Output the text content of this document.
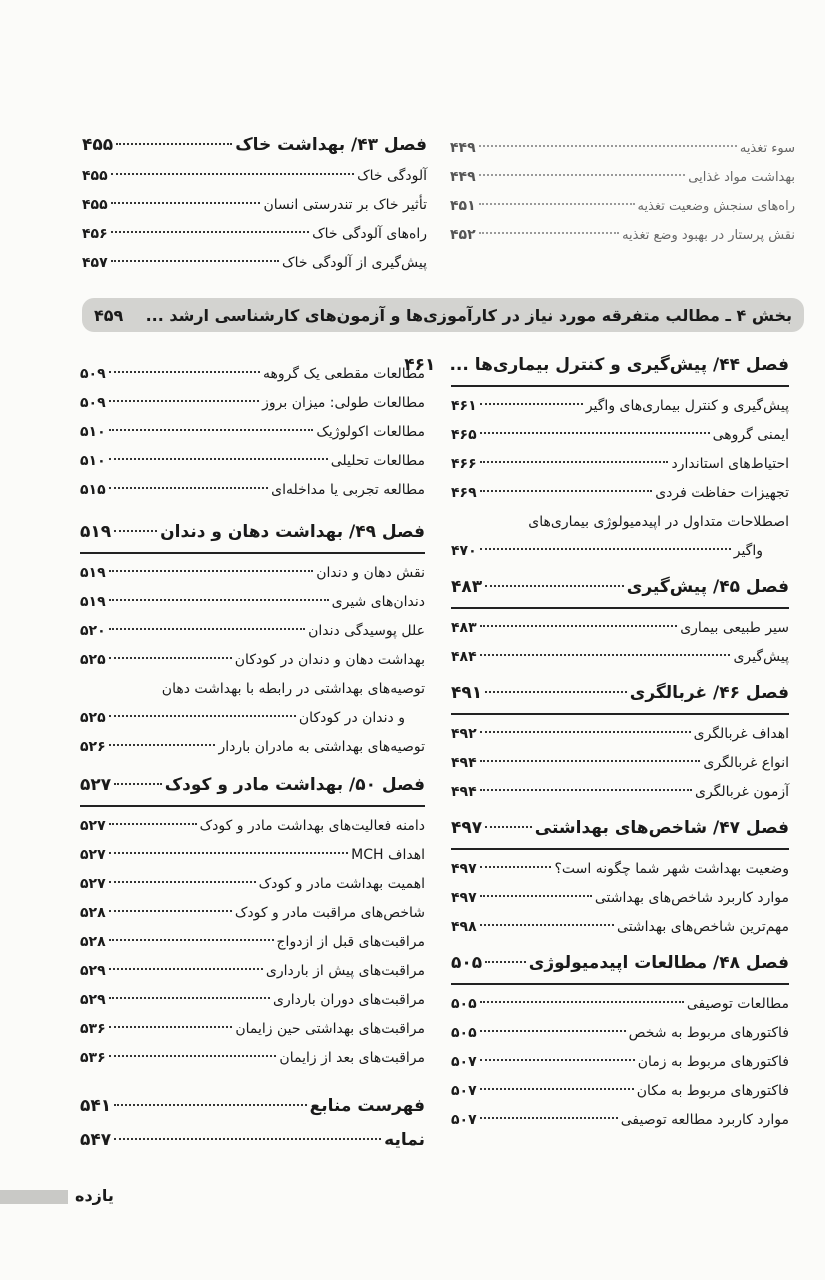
سوء تغذیه
۴۴۹
بهداشت مواد غذایی
۴۴۹
راه‌های سنجش وضعیت تغذیه
۴۵۱
نقش پرستار در بهبود وضع تغذیه
۴۵۲
فصل ۴۳/ بهداشت خاک
۴۵۵
آلودگی خاک
۴۵۵
تأثیر خاک بر تندرستی انسان
۴۵۵
راه‌های آلودگی خاک
۴۵۶
پیش‌گیری از آلودگی خاک
۴۵۷
بخش ۴ ـ مطالب متفرقه مورد نیاز در کارآموزی‌ها و آزمون‌های کارشناسی ارشد ...
۴۵۹
فصل ۴۴/ پیش‌گیری و کنترل بیماری‌ها ...
۴۶۱
پیش‌گیری و کنترل بیماری‌های واگیر
۴۶۱
ایمنی گروهی
۴۶۵
احتیاط‌های استاندارد
۴۶۶
تجهیزات حفاظت فردی
۴۶۹
اصطلاحات متداول در اپیدمیولوژی بیماری‌های
واگیر
۴۷۰
فصل ۴۵/ پیش‌گیری
۴۸۳
سیر طبیعی بیماری
۴۸۳
پیش‌گیری
۴۸۴
فصل ۴۶/ غربالگری
۴۹۱
اهداف غربالگری
۴۹۲
انواع غربالگری
۴۹۴
آزمون غربالگری
۴۹۴
فصل ۴۷/ شاخص‌های بهداشتی
۴۹۷
وضعیت بهداشت شهر شما چگونه است؟
۴۹۷
موارد کاربرد شاخص‌های بهداشتی
۴۹۷
مهم‌ترین شاخص‌های بهداشتی
۴۹۸
فصل ۴۸/ مطالعات اپیدمیولوژی
۵۰۵
مطالعات توصیفی
۵۰۵
فاکتورهای مربوط به شخص
۵۰۵
فاکتورهای مربوط به زمان
۵۰۷
فاکتورهای مربوط به مکان
۵۰۷
موارد کاربرد مطالعه توصیفی
۵۰۷
مطالعات مقطعی یک گروهه
۵۰۹
مطالعات طولی: میزان بروز
۵۰۹
مطالعات اکولوژیک
۵۱۰
مطالعات تحلیلی
۵۱۰
مطالعه تجربی یا مداخله‌ای
۵۱۵
فصل ۴۹/ بهداشت دهان و دندان
۵۱۹
نقش دهان و دندان
۵۱۹
دندان‌های شیری
۵۱۹
علل پوسیدگی دندان
۵۲۰
بهداشت دهان و دندان در کودکان
۵۲۵
توصیه‌های بهداشتی در رابطه با بهداشت دهان
و دندان در کودکان
۵۲۵
توصیه‌های بهداشتی به مادران باردار
۵۲۶
فصل ۵۰/ بهداشت مادر و کودک
۵۲۷
دامنه فعالیت‌های بهداشت مادر و کودک
۵۲۷
اهداف MCH
۵۲۷
اهمیت بهداشت مادر و کودک
۵۲۷
شاخص‌های مراقبت مادر و کودک
۵۲۸
مراقبت‌های قبل از ازدواج
۵۲۸
مراقبت‌های پیش از بارداری
۵۲۹
مراقبت‌های دوران بارداری
۵۲۹
مراقبت‌های بهداشتی حین زایمان
۵۳۶
مراقبت‌های بعد از زایمان
۵۳۶
فهرست منابع
۵۴۱
نمایه
۵۴۷
یازده
